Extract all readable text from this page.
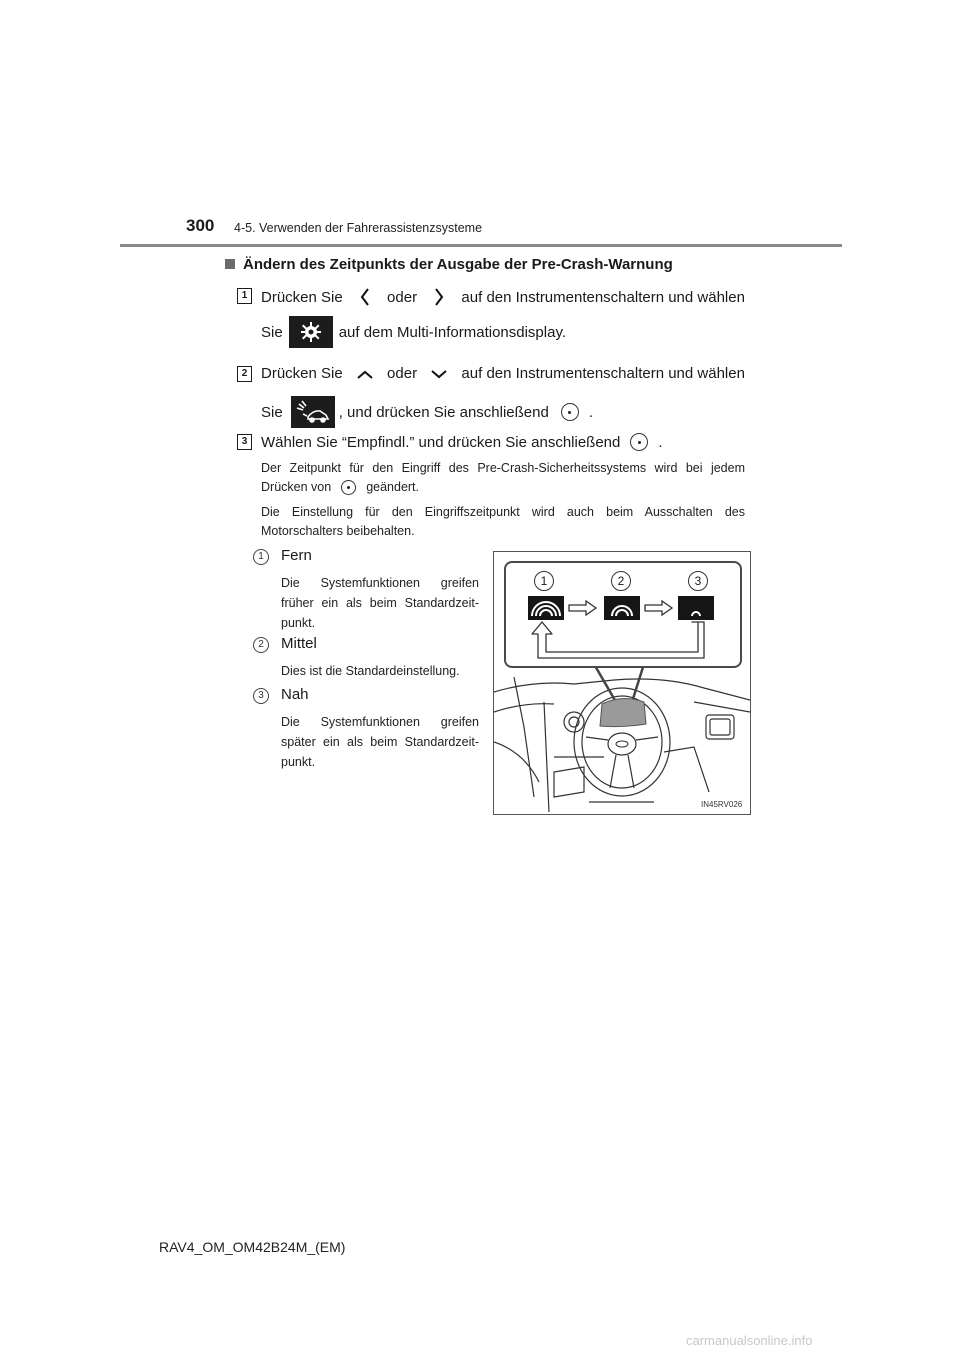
300 4-5. Verwenden der Fahrerassistenzsysteme
Ändern des Zeitpunkts der Ausgabe der Pre-Crash-Warnung
1 Drücken Sie	oder	auf den Instrumentenschaltern und wählen
Sie	auf dem Multi-Informationsdisplay.
2 Drücken Sie	oder	auf den Instrumentenschaltern und wählen
Sie	, und drücken Sie anschließend	.
3 Wählen Sie “Empfindl.” und drücken Sie anschließend	.
Der Zeitpunkt für den Eingriff des Pre-Crash-Sicherheitssystems wird bei jedem
Drücken von	geändert.
Die Einstellung für den Eingriffszeitpunkt wird auch beim Ausschalten des Motorschalters beibehalten.
1	Fern
Die Systemfunktionen greifen früher ein als beim Standardzeit-punkt.
2	Mittel
Dies ist die Standardeinstellung.
3	Nah
Die Systemfunktionen greifen später ein als beim Standardzeit-punkt.
1	2	3
IN45RV026
RAV4_OM_OM42B24M_(EM)
carmanualsonline.info
